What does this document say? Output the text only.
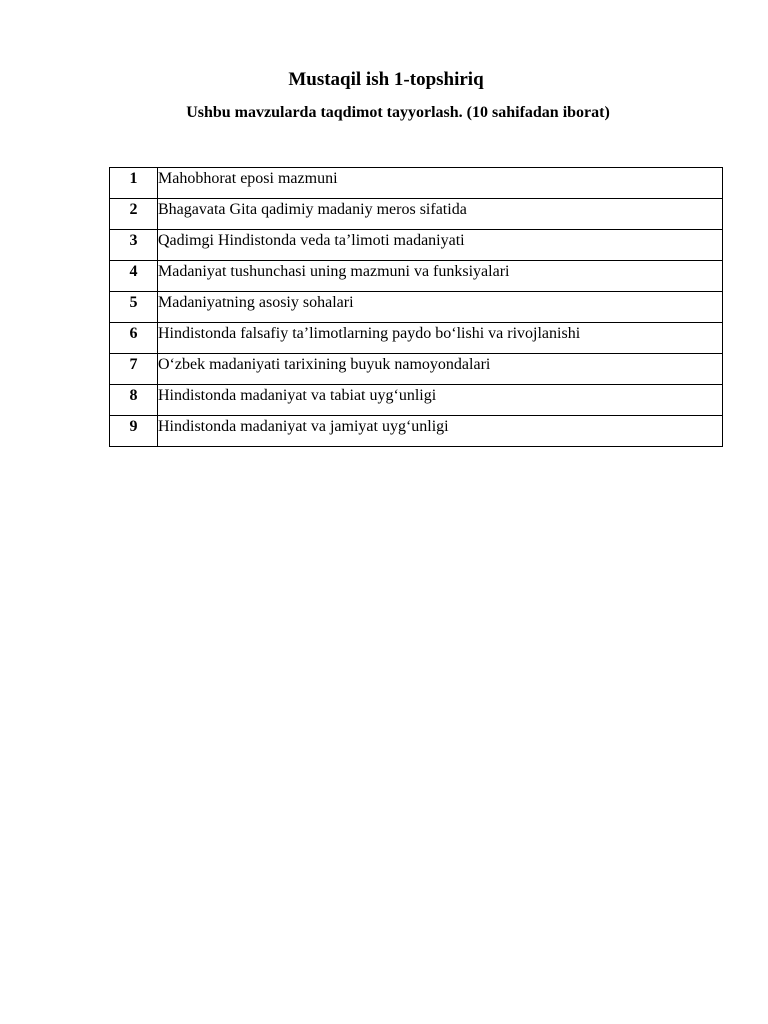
Mustaqil ish 1-topshiriq
Ushbu mavzularda taqdimot tayyorlash. (10 sahifadan iborat)
1	Mahobhorat eposi mazmuni
2	Bhagavata Gita qadimiy madaniy meros sifatida
3	Qadimgi Hindistonda veda ta’limoti madaniyati
4	Madaniyat tushunchasi uning mazmuni va funksiyalari
5	Madaniyatning asosiy sohalari
6	Hindistonda falsafiy ta’limotlarning paydo bo‘lishi va rivojlanishi
7	O‘zbek madaniyati tarixining buyuk namoyondalari
8	Hindistonda madaniyat va tabiat uyg‘unligi
9	Hindistonda madaniyat va jamiyat uyg‘unligi
